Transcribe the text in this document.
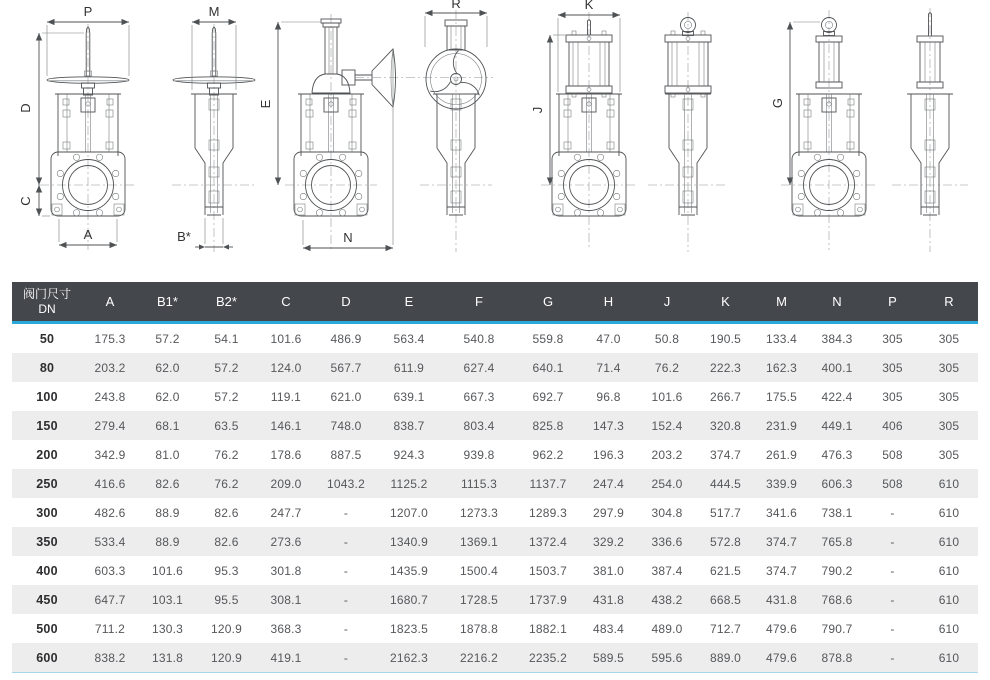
P
D
C
A
M
B*
E
N
R	K
J
G
阀门尺寸
DN	A	B1*	B2*	C	D	E	F	G	H	J	K	M	N	P	R
50	175.3	57.2	54.1	101.6	486.9	563.4	540.8	559.8	47.0	50.8	190.5	133.4	384.3	305	305
80	203.2	62.0	57.2	124.0	567.7	611.9	627.4	640.1	71.4	76.2	222.3	162.3	400.1	305	305
100	243.8	62.0	57.2	119.1	621.0	639.1	667.3	692.7	96.8	101.6	266.7	175.5	422.4	305	305
150	279.4	68.1	63.5	146.1	748.0	838.7	803.4	825.8	147.3	152.4	320.8	231.9	449.1	406	305
200	342.9	81.0	76.2	178.6	887.5	924.3	939.8	962.2	196.3	203.2	374.7	261.9	476.3	508	305
250	416.6	82.6	76.2	209.0	1043.2	1125.2	1115.3	1137.7	247.4	254.0	444.5	339.9	606.3	508	610
300	482.6	88.9	82.6	247.7	-	1207.0	1273.3	1289.3	297.9	304.8	517.7	341.6	738.1	-	610
350	533.4	88.9	82.6	273.6	-	1340.9	1369.1	1372.4	329.2	336.6	572.8	374.7	765.8	-	610
400	603.3	101.6	95.3	301.8	-	1435.9	1500.4	1503.7	381.0	387.4	621.5	374.7	790.2	-	610
450	647.7	103.1	95.5	308.1	-	1680.7	1728.5	1737.9	431.8	438.2	668.5	431.8	768.6	-	610
500	711.2	130.3	120.9	368.3	-	1823.5	1878.8	1882.1	483.4	489.0	712.7	479.6	790.7	-	610
600	838.2	131.8	120.9	419.1	-	2162.3	2216.2	2235.2	589.5	595.6	889.0	479.6	878.8	-	610
